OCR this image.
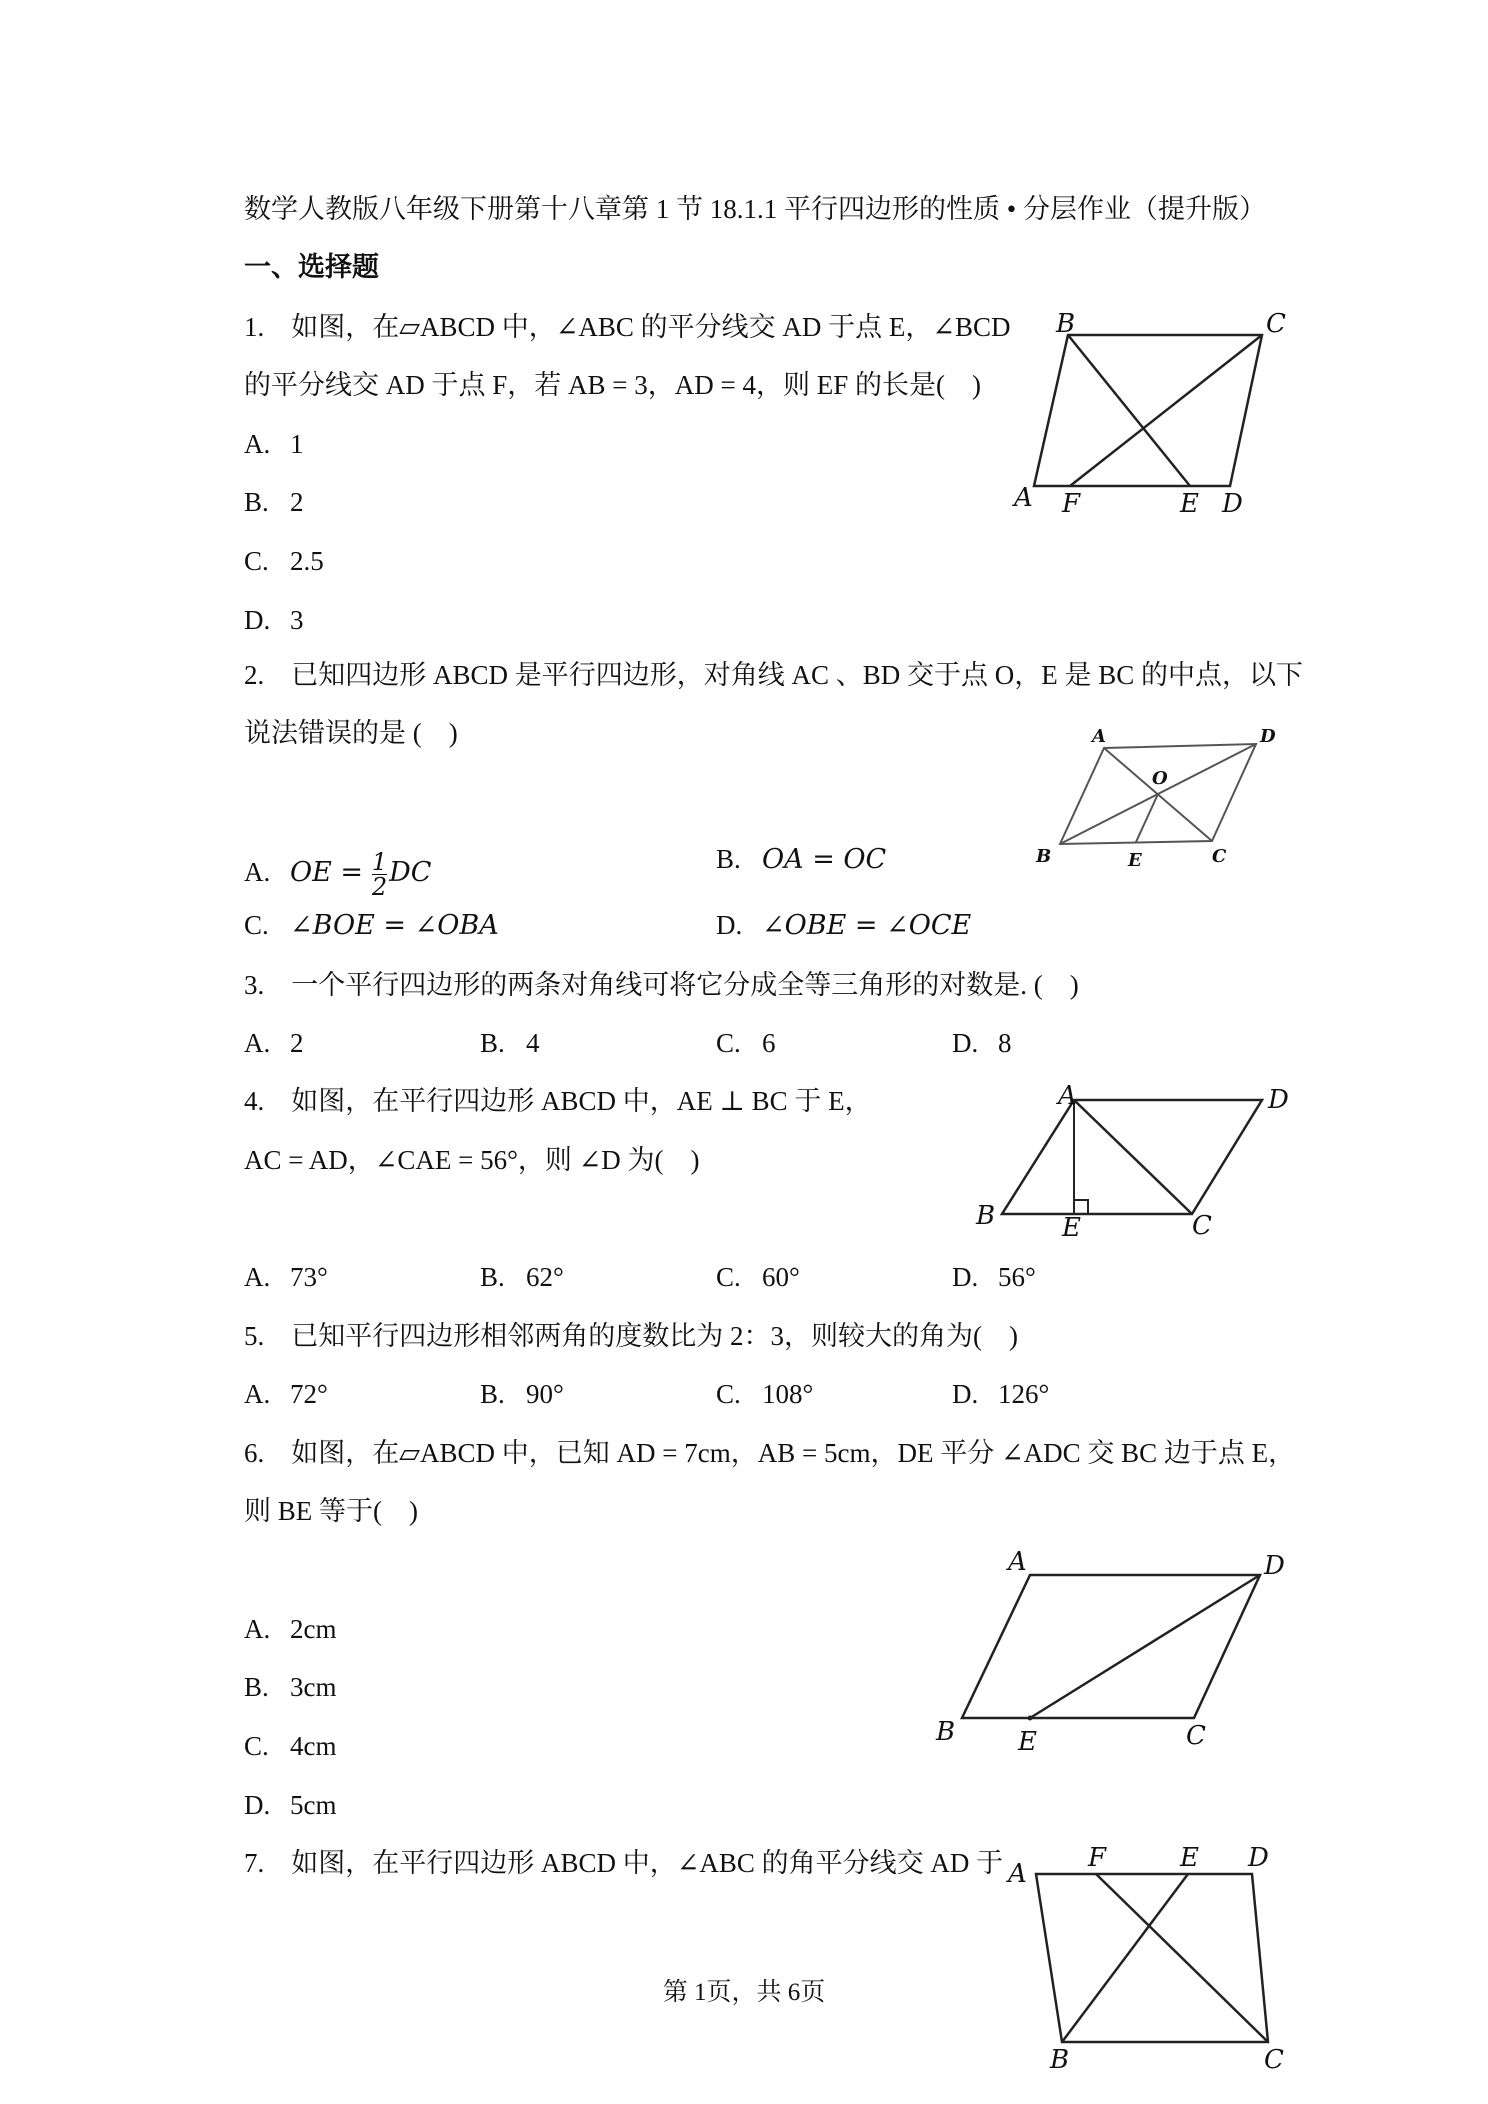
数学人教版八年级下册第十八章第 1 节 18.1.1 平行四边形的性质 • 分层作业（提升版）
一、选择题
1.　如图，在▱ABCD 中，∠ABC 的平分线交 AD 于点 E，∠BCD
的平分线交 AD 于点 F，若 AB = 3，AD = 4，则 EF 的长是(　)
A. 1
B. 2
C. 2.5
D. 3
B	C
A F	E D
2.　已知四边形 ABCD 是平行四边形，对角线 AC 、BD 交于点 O，E 是 BC 的中点，以下
说法错误的是 (　)
A. OE = $\frac{1}{2}$ DC	B. OA = OC
C. ∠BOE = ∠OBA	D. ∠OBE = ∠OCE
A	D
O
B	E	C
3.　一个平行四边形的两条对角线可将它分成全等三角形的对数是. (　)
A. 2	B. 4	C. 6	D. 8
4.　如图，在平行四边形 ABCD 中，AE ⊥ BC 于 E，
AC = AD，∠CAE = 56°，则 ∠D 为(　)
A	D
B	E	C
A. 73°	B. 62°	C. 60°	D. 56°
5.　已知平行四边形相邻两角的度数比为 2：3，则较大的角为(　)
A. 72°	B. 90°	C. 108°	D. 126°
6.　如图，在▱ABCD 中，已知 AD = 7cm，AB = 5cm，DE 平分 ∠ADC 交 BC 边于点 E，
则 BE 等于(　)
A. 2cm
B. 3cm
C. 4cm
D. 5cm
A	D
B E	C
7.　如图，在平行四边形 ABCD 中，∠ABC 的角平分线交 AD 于 A
F	E D
B	C
第 1页，共 6页
